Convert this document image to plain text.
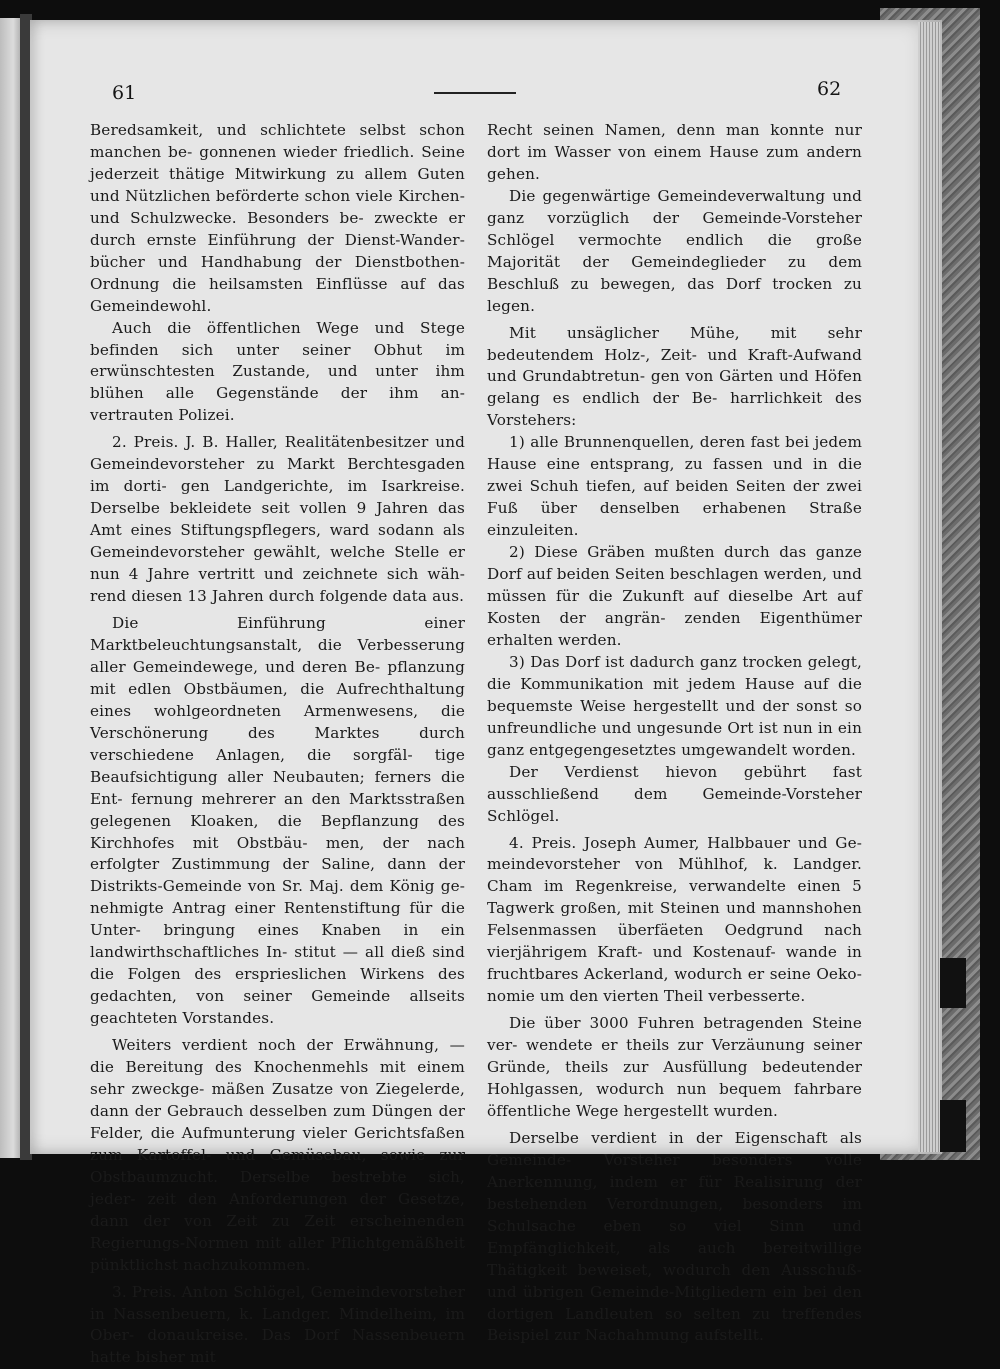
61	62

Beredsamkeit, und schlichtete selbst schon manchen be- gonnenen wieder friedlich. Seine jederzeit thätige Mitwirkung zu allem Guten und Nützlichen beförderte schon viele Kirchen- und Schulzwecke. Besonders be- zweckte er durch ernste Einführung der Dienst-Wander- bücher und Handhabung der Dienstbothen-Ordnung die heilsamsten Einflüsse auf das Gemeindewohl.

Auch die öffentlichen Wege und Stege befinden sich unter seiner Obhut im erwünschtesten Zustande, und unter ihm blühen alle Gegenstände der ihm an- vertrauten Polizei.

2. Preis. J. B. Haller, Realitätenbesitzer und Gemeindevorsteher zu Markt Berchtesgaden im dorti- gen Landgerichte, im Isarkreise. Derselbe bekleidete seit vollen 9 Jahren das Amt eines Stiftungspflegers, ward sodann als Gemeindevorsteher gewählt, welche Stelle er nun 4 Jahre vertritt und zeichnete sich wäh- rend diesen 13 Jahren durch folgende data aus.

Die Einführung einer Marktbeleuchtungsanstalt, die Verbesserung aller Gemeindewege, und deren Be- pflanzung mit edlen Obstbäumen, die Aufrechthaltung eines wohlgeordneten Armenwesens, die Verschönerung des Marktes durch verschiedene Anlagen, die sorgfäl- tige Beaufsichtigung aller Neubauten; ferners die Ent- fernung mehrerer an den Marktsstraßen gelegenen Kloaken, die Bepflanzung des Kirchhofes mit Obstbäu- men, der nach erfolgter Zustimmung der Saline, dann der Distrikts-Gemeinde von Sr. Maj. dem König ge- nehmigte Antrag einer Rentenstiftung für die Unter- bringung eines Knaben in ein landwirthschaftliches In- stitut — all dieß sind die Folgen des ersprieslichen Wirkens des gedachten, von seiner Gemeinde allseits geachteten Vorstandes.

Weiters verdient noch der Erwähnung, — die Bereitung des Knochenmehls mit einem sehr zweckge- mäßen Zusatze von Ziegelerde, dann der Gebrauch desselben zum Düngen der Felder, die Aufmunterung vieler Gerichtsfaßen zum Kartoffel- und Gemüsebau, sowie zur Obstbaumzucht. Derselbe bestrebte sich, jeder- zeit den Anforderungen der Gesetze, dann der von Zeit zu Zeit erscheinenden Regierungs-Normen mit aller Pflichtgemäßheit pünktlichst nachzukommen.

3. Preis. Anton Schlögel, Gemeindevorsteher in Nassenbeuern, k. Landger. Mindelheim, im Ober- donaukreise. Das Dorf Nassenbeuern hatte bisher mit

Recht seinen Namen, denn man konnte nur dort im Wasser von einem Hause zum andern gehen.

Die gegenwärtige Gemeindeverwaltung und ganz vorzüglich der Gemeinde-Vorsteher Schlögel vermochte endlich die große Majorität der Gemeindeglieder zu dem Beschluß zu bewegen, das Dorf trocken zu legen.

Mit unsäglicher Mühe, mit sehr bedeutendem Holz-, Zeit- und Kraft-Aufwand und Grundabtretun- gen von Gärten und Höfen gelang es endlich der Be- harrlichkeit des Vorstehers:

1) alle Brunnenquellen, deren fast bei jedem Hause eine entsprang, zu fassen und in die zwei Schuh tiefen, auf beiden Seiten der zwei Fuß über denselben erhabenen Straße einzuleiten.

2) Diese Gräben mußten durch das ganze Dorf auf beiden Seiten beschlagen werden, und müssen für die Zukunft auf dieselbe Art auf Kosten der angrän- zenden Eigenthümer erhalten werden.

3) Das Dorf ist dadurch ganz trocken gelegt, die Kommunikation mit jedem Hause auf die bequemste Weise hergestellt und der sonst so unfreundliche und ungesunde Ort ist nun in ein ganz entgegengesetztes umgewandelt worden.

Der Verdienst hievon gebührt fast ausschließend dem Gemeinde-Vorsteher Schlögel.

4. Preis. Joseph Aumer, Halbbauer und Ge- meindevorsteher von Mühlhof, k. Landger. Cham im Regenkreise, verwandelte einen 5 Tagwerk großen, mit Steinen und mannshohen Felsenmassen überfäeten Oedgrund nach vierjährigem Kraft- und Kostenauf- wande in fruchtbares Ackerland, wodurch er seine Oeko- nomie um den vierten Theil verbesserte.

Die über 3000 Fuhren betragenden Steine ver- wendete er theils zur Verzäunung seiner Gründe, theils zur Ausfüllung bedeutender Hohlgassen, wodurch nun bequem fahrbare öffentliche Wege hergestellt wurden.

Derselbe verdient in der Eigenschaft als Gemeinde- Vorsteher besonders volle Anerkennung, indem er für Realisirung der bestehenden Verordnungen, besonders im Schulsache eben so viel Sinn und Empfänglichkeit, als auch bereitwillige Thätigkeit beweiset, wodurch den Ausschuß- und übrigen Gemeinde-Mitgliedern ein bei den dortigen Landleuten so selten zu treffendes Beispiel zur Nachahmung aufstellt.
